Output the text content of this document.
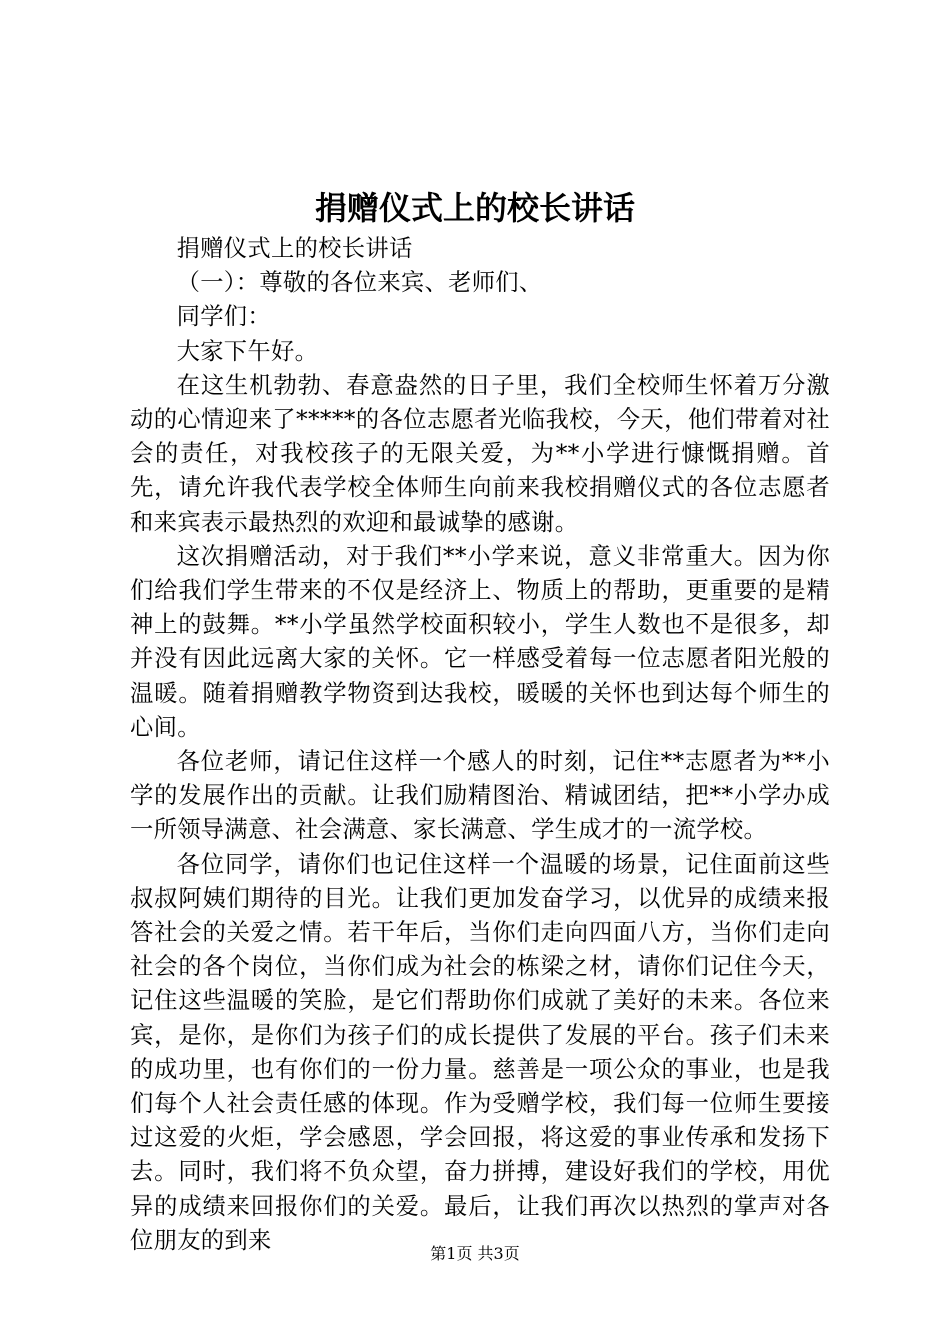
捐赠仪式上的校长讲话

捐赠仪式上的校长讲话

（一）：尊敬的各位来宾、老师们、

同学们：

大家下午好。

在这生机勃勃、春意盎然的日子里，我们全校师生怀着万分激动的心情迎来了*****的各位志愿者光临我校，今天，他们带着对社会的责任，对我校孩子的无限关爱，为**小学进行慷慨捐赠。首先，请允许我代表学校全体师生向前来我校捐赠仪式的各位志愿者和来宾表示最热烈的欢迎和最诚挚的感谢。

这次捐赠活动，对于我们**小学来说，意义非常重大。因为你们给我们学生带来的不仅是经济上、物质上的帮助，更重要的是精神上的鼓舞。**小学虽然学校面积较小，学生人数也不是很多，却并没有因此远离大家的关怀。它一样感受着每一位志愿者阳光般的温暖。随着捐赠教学物资到达我校，暖暖的关怀也到达每个师生的心间。

各位老师，请记住这样一个感人的时刻，记住**志愿者为**小学的发展作出的贡献。让我们励精图治、精诚团结，把**小学办成一所领导满意、社会满意、家长满意、学生成才的一流学校。

各位同学，请你们也记住这样一个温暖的场景，记住面前这些叔叔阿姨们期待的目光。让我们更加发奋学习，以优异的成绩来报答社会的关爱之情。若干年后，当你们走向四面八方，当你们走向社会的各个岗位，当你们成为社会的栋梁之材，请你们记住今天，记住这些温暖的笑脸，是它们帮助你们成就了美好的未来。各位来宾，是你，是你们为孩子们的成长提供了发展的平台。孩子们未来的成功里，也有你们的一份力量。慈善是一项公众的事业，也是我们每个人社会责任感的体现。作为受赠学校，我们每一位师生要接过这爱的火炬，学会感恩，学会回报，将这爱的事业传承和发扬下去。同时，我们将不负众望，奋力拼搏，建设好我们的学校，用优异的成绩来回报你们的关爱。最后，让我们再次以热烈的掌声对各位朋友的到来	第1页 共3页
